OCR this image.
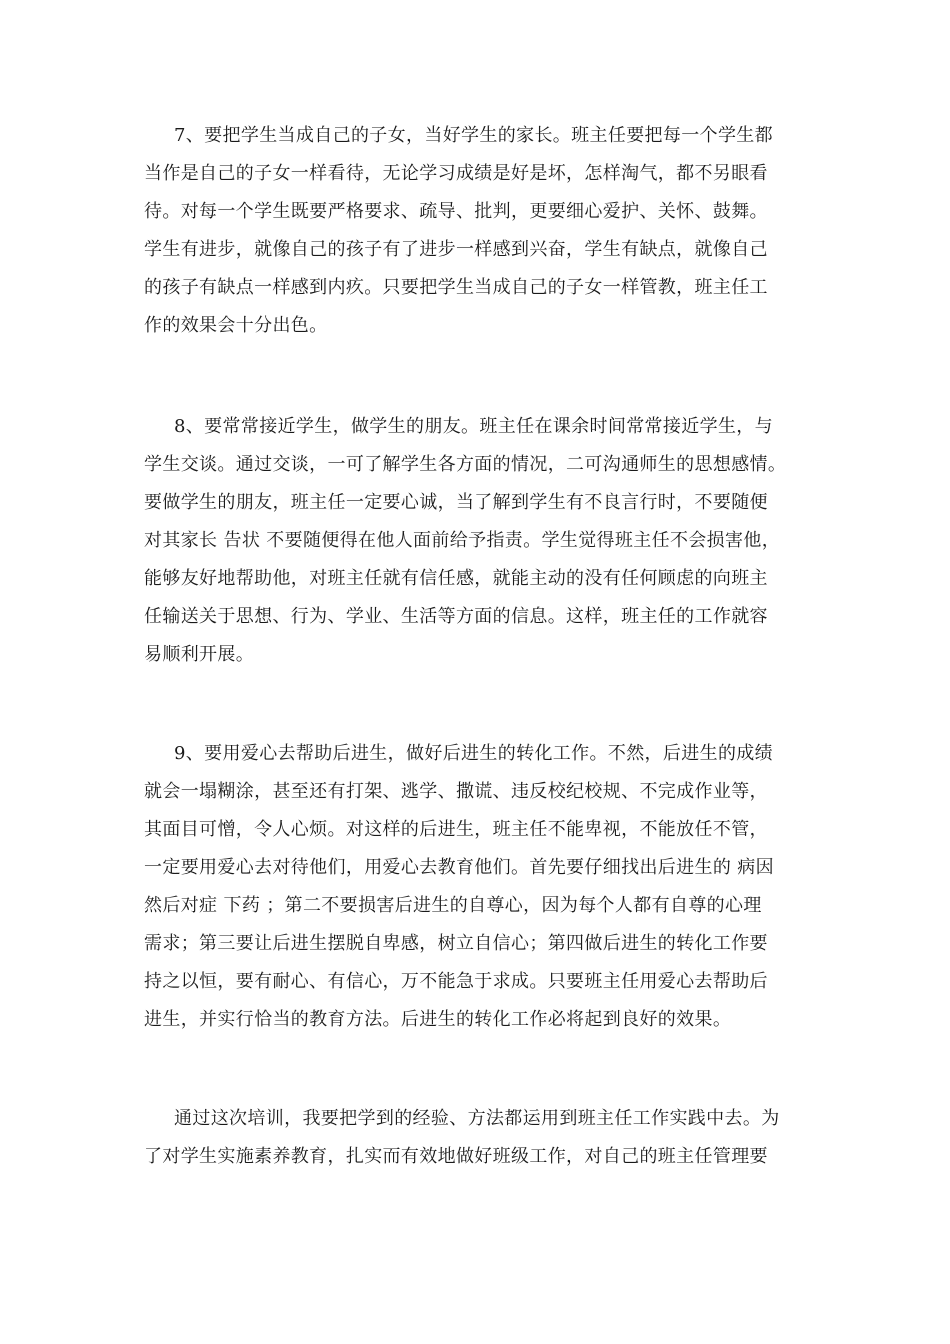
7、要把学生当成自己的子女，当好学生的家长。班主任要把每一个学生都
当作是自己的子女一样看待，无论学习成绩是好是坏，怎样淘气，都不另眼看
待。对每一个学生既要严格要求、疏导、批判，更要细心爱护、关怀、鼓舞。
学生有进步，就像自己的孩子有了进步一样感到兴奋，学生有缺点，就像自己
的孩子有缺点一样感到内疚。只要把学生当成自己的子女一样管教，班主任工
作的效果会十分出色。
8、要常常接近学生，做学生的朋友。班主任在课余时间常常接近学生，与
学生交谈。通过交谈，一可了解学生各方面的情况，二可沟通师生的思想感情。
要做学生的朋友，班主任一定要心诚，当了解到学生有不良言行时，不要随便
对其家长 告状 不要随便得在他人面前给予指责。学生觉得班主任不会损害他，
能够友好地帮助他，对班主任就有信任感，就能主动的没有任何顾虑的向班主
任输送关于思想、行为、学业、生活等方面的信息。这样，班主任的工作就容
易顺利开展。
9、要用爱心去帮助后进生，做好后进生的转化工作。不然，后进生的成绩
就会一塌糊涂，甚至还有打架、逃学、撒谎、违反校纪校规、不完成作业等，
其面目可憎，令人心烦。对这样的后进生，班主任不能卑视，不能放任不管，
一定要用爱心去对待他们，用爱心去教育他们。首先要仔细找出后进生的 病因
然后对症 下药 ；第二不要损害后进生的自尊心，因为每个人都有自尊的心理
需求；第三要让后进生摆脱自卑感，树立自信心；第四做后进生的转化工作要
持之以恒，要有耐心、有信心，万不能急于求成。只要班主任用爱心去帮助后
进生，并实行恰当的教育方法。后进生的转化工作必将起到良好的效果。
通过这次培训，我要把学到的经验、方法都运用到班主任工作实践中去。为
了对学生实施素养教育，扎实而有效地做好班级工作，对自己的班主任管理要
